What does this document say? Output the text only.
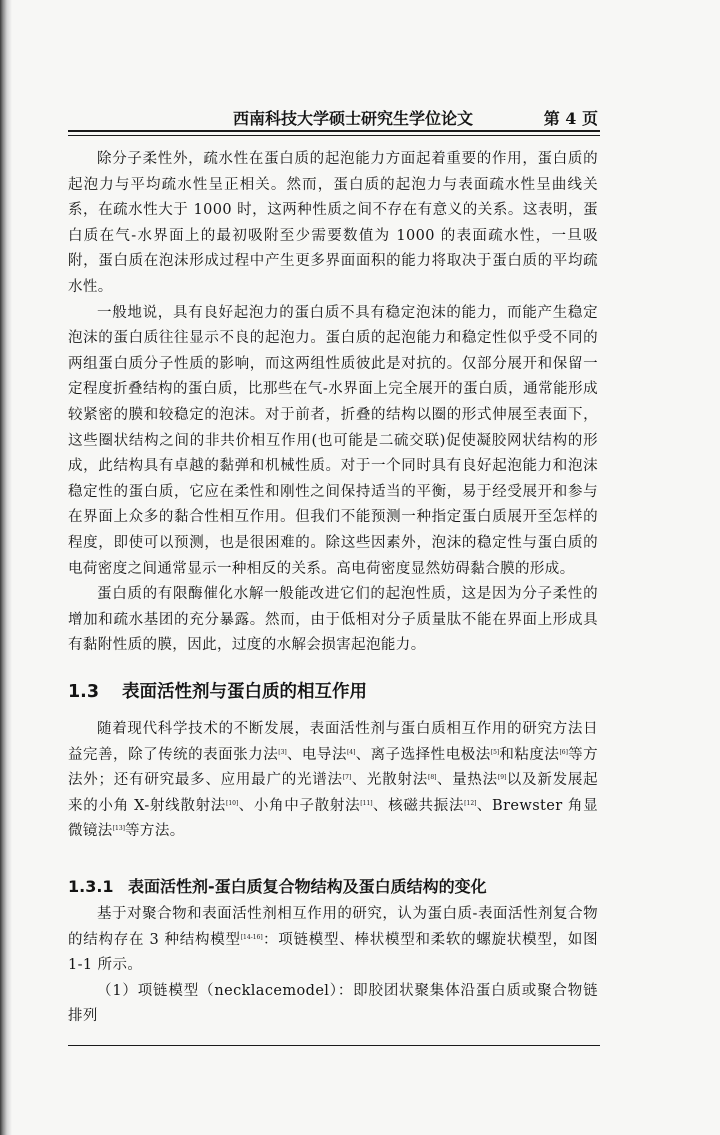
西南科技大学硕士研究生学位论文	第 4 页

除分子柔性外，疏水性在蛋白质的起泡能力方面起着重要的作用，蛋白质的起泡力与平均疏水性呈正相关。然而，蛋白质的起泡力与表面疏水性呈曲线关系，在疏水性大于 1000 时，这两种性质之间不存在有意义的关系。这表明，蛋白质在气-水界面上的最初吸附至少需要数值为 1000 的表面疏水性，一旦吸附，蛋白质在泡沫形成过程中产生更多界面面积的能力将取决于蛋白质的平均疏水性。

一般地说，具有良好起泡力的蛋白质不具有稳定泡沫的能力，而能产生稳定泡沫的蛋白质往往显示不良的起泡力。蛋白质的起泡能力和稳定性似乎受不同的两组蛋白质分子性质的影响，而这两组性质彼此是对抗的。仅部分展开和保留一定程度折叠结构的蛋白质，比那些在气-水界面上完全展开的蛋白质，通常能形成较紧密的膜和较稳定的泡沫。对于前者，折叠的结构以圈的形式伸展至表面下，这些圈状结构之间的非共价相互作用(也可能是二硫交联)促使凝胶网状结构的形成，此结构具有卓越的黏弹和机械性质。对于一个同时具有良好起泡能力和泡沫稳定性的蛋白质，它应在柔性和刚性之间保持适当的平衡，易于经受展开和参与在界面上众多的黏合性相互作用。但我们不能预测一种指定蛋白质展开至怎样的程度，即使可以预测，也是很困难的。除这些因素外，泡沫的稳定性与蛋白质的电荷密度之间通常显示一种相反的关系。高电荷密度显然妨碍黏合膜的形成。

蛋白质的有限酶催化水解一般能改进它们的起泡性质，这是因为分子柔性的增加和疏水基团的充分暴露。然而，由于低相对分子质量肽不能在界面上形成具有黏附性质的膜，因此，过度的水解会损害起泡能力。

1.3 表面活性剂与蛋白质的相互作用

随着现代科学技术的不断发展，表面活性剂与蛋白质相互作用的研究方法日益完善，除了传统的表面张力法[3]、电导法[4]、离子选择性电极法[5]和粘度法[6]等方法外；还有研究最多、应用最广的光谱法[7]、光散射法[8]、量热法[9]以及新发展起来的小角 X-射线散射法[10]、小角中子散射法[11]、核磁共振法[12]、Brewster 角显微镜法[13]等方法。

1.3.1 表面活性剂-蛋白质复合物结构及蛋白质结构的变化

基于对聚合物和表面活性剂相互作用的研究，认为蛋白质-表面活性剂复合物的结构存在 3 种结构模型[14-16]：项链模型、棒状模型和柔软的螺旋状模型，如图 1-1 所示。

（1）项链模型（necklacemodel）：即胶团状聚集体沿蛋白质或聚合物链排列
